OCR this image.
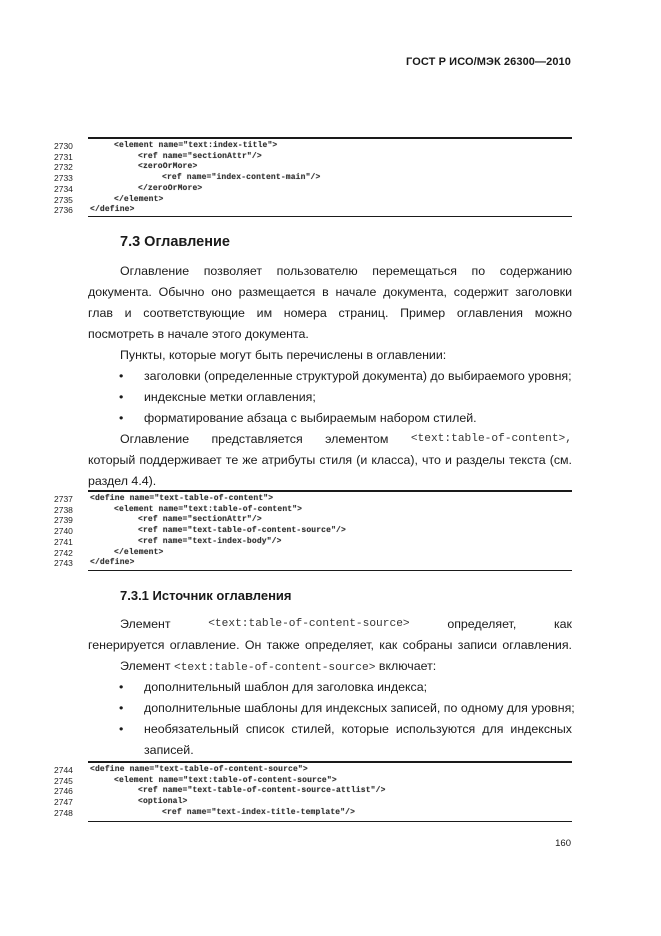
ГОСТ Р ИСО/МЭК 26300—2010
2730	<element name="text:index-title">
2731	<ref name="sectionAttr"/>
2732	<zeroOrMore>
2733	<ref name="index-content-main"/>
2734	</zeroOrMore>
2735	</element>
2736	</define>
7.3 Оглавление
Оглавление позволяет пользователю перемещаться по содержанию
документа. Обычно оно размещается в начале документа, содержит заголовки
глав и соответствующие им номера страниц. Пример оглавления можно
посмотреть в начале этого документа.
Пункты, которые могут быть перечислены в оглавлении:
• заголовки (определенные структурой документа) до выбираемого уровня;
• индексные метки оглавления;
• форматирование абзаца с выбираемым набором стилей.
Оглавление представляется элементом <text:table-of-content>,
который поддерживает те же атрибуты стиля (и класса), что и разделы текста (см.
раздел 4.4).
2737	<define name="text-table-of-content">
2738	<element name="text:table-of-content">
2739	<ref name="sectionAttr"/>
2740	<ref name="text-table-of-content-source"/>
2741	<ref name="text-index-body"/>
2742	</element>
2743	</define>
7.3.1 Источник оглавления
Элемент	<text:table-of-content-source>	определяет,	как
генерируется оглавление. Он также определяет, как собраны записи оглавления.
Элемент <text:table-of-content-source> включает:
• дополнительный шаблон для заголовка индекса;
• дополнительные шаблоны для индексных записей, по одному для уровня;
• необязательный список стилей, которые используются для индексных
записей.
2744	<define name="text-table-of-content-source">
2745	<element name="text:table-of-content-source">
2746	<ref name="text-table-of-content-source-attlist"/>
2747	<optional>
2748	<ref name="text-index-title-template"/>
160
